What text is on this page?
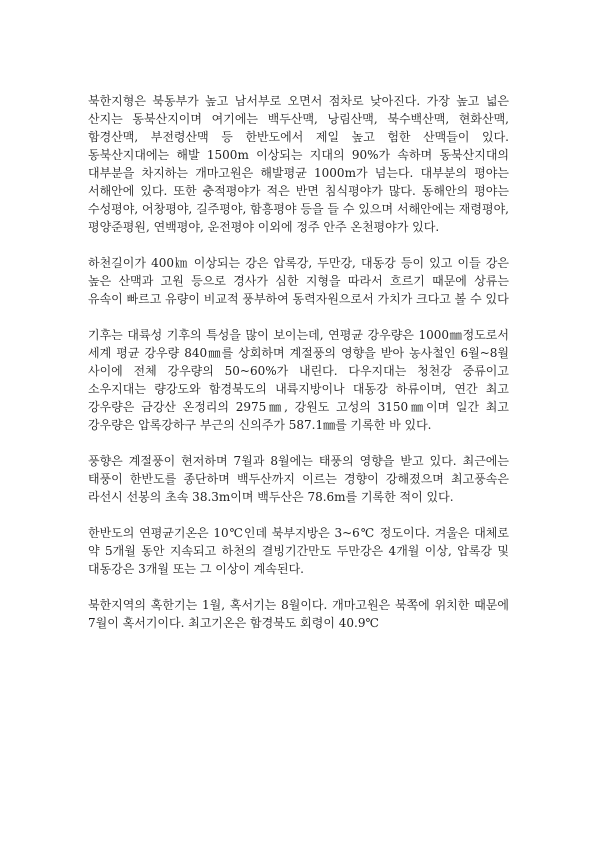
북한지형은 북동부가 높고 남서부로 오면서 점차로 낮아진다. 가장 높고 넓은 산지는 동북산지이며 여기에는 백두산맥, 낭림산맥, 북수백산맥, 현화산맥, 함경산맥, 부전령산맥 등 한반도에서 제일 높고 험한 산맥들이 있다. 동북산지대에는 해발 1500m 이상되는 지대의 90%가 속하며 동북산지대의 대부분을 차지하는 개마고원은 해발평균 1000m가 넘는다. 대부분의 평야는 서해안에 있다. 또한 충적평야가 적은 반면 침식평야가 많다. 동해안의 평야는 수성평야, 어창평야, 길주평야, 함흥평야 등을 들 수 있으며 서해안에는 재령평야, 평양준평원, 연백평야, 운전평야 이외에 정주 안주 온천평야가 있다.

하천길이가 400㎞ 이상되는 강은 압록강, 두만강, 대동강 등이 있고 이들 강은 높은 산맥과 고원 등으로 경사가 심한 지형을 따라서 흐르기 때문에 상류는 유속이 빠르고 유량이 비교적 풍부하여 동력자원으로서 가치가 크다고 볼 수 있다

기후는 대륙성 기후의 특성을 많이 보이는데, 연평균 강우량은 1000㎜정도로서 세계 평균 강우량 840㎜를 상회하며 계절풍의 영향을 받아 농사철인 6월~8월 사이에 전체 강우량의 50~60%가 내린다. 다우지대는 청천강 중류이고 소우지대는 량강도와 함경북도의 내륙지방이나 대동강 하류이며, 연간 최고 강우량은 금강산 온정리의 2975㎜, 강원도 고성의 3150㎜이며 일간 최고 강우량은 압록강하구 부근의 신의주가 587.1㎜를 기록한 바 있다.

풍향은 계절풍이 현저하며 7월과 8월에는 태풍의 영향을 받고 있다. 최근에는 태풍이 한반도를 종단하며 백두산까지 이르는 경향이 강해졌으며 최고풍속은 라선시 선봉의 초속 38.3m이며 백두산은 78.6m를 기록한 적이 있다.

한반도의 연평균기온은 10℃인데 북부지방은 3~6℃ 정도이다. 겨울은 대체로 약 5개월 동안 지속되고 하천의 결빙기간만도 두만강은 4개월 이상, 압록강 및 대동강은 3개월 또는 그 이상이 계속된다.

북한지역의 혹한기는 1월, 혹서기는 8월이다. 개마고원은 북쪽에 위치한 때문에 7월이 혹서기이다. 최고기온은 함경북도 회령이 40.9℃
